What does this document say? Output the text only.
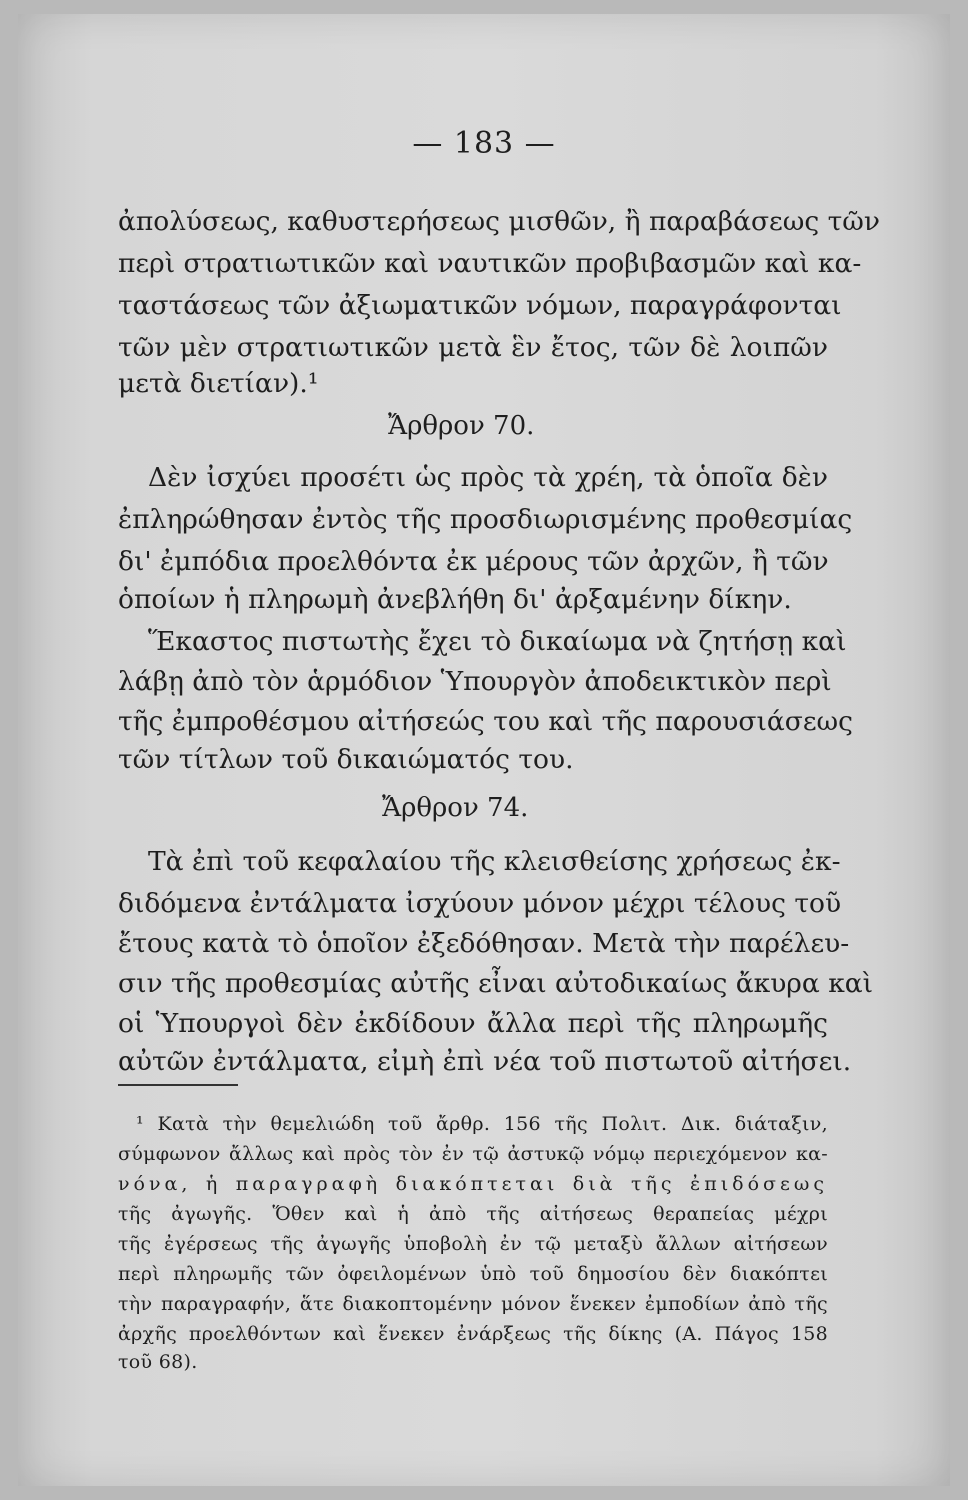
— 183 —
ἀπολύσεως, καθυστερήσεως μισθῶν, ἢ παραβάσεως τῶν
περὶ στρατιωτικῶν καὶ ναυτικῶν προβιβασμῶν καὶ κα-
ταστάσεως τῶν ἀξιωματικῶν νόμων, παραγράφονται
τῶν μὲν στρατιωτικῶν μετὰ ἓν ἔτος, τῶν δὲ λοιπῶν
μετὰ διετίαν).¹
Ἄρθρον 70.
Δὲν ἰσχύει προσέτι ὡς πρὸς τὰ χρέη, τὰ ὁποῖα δὲν
ἐπληρώθησαν ἐντὸς τῆς προσδιωρισμένης προθεσμίας
δι' ἐμπόδια προελθόντα ἐκ μέρους τῶν ἀρχῶν, ἢ τῶν
ὁποίων ἡ πληρωμὴ ἀνεβλήθη δι' ἀρξαμένην δίκην.
Ἕκαστος πιστωτὴς ἔχει τὸ δικαίωμα νὰ ζητήσῃ καὶ
λάβῃ ἀπὸ τὸν ἁρμόδιον Ὑπουργὸν ἀποδεικτικὸν περὶ
τῆς ἐμπροθέσμου αἰτήσεώς του καὶ τῆς παρουσιάσεως
τῶν τίτλων τοῦ δικαιώματός του.
Ἄρθρον 74.
Τὰ ἐπὶ τοῦ κεφαλαίου τῆς κλεισθείσης χρήσεως ἐκ-
διδόμενα ἐντάλματα ἰσχύουν μόνον μέχρι τέλους τοῦ
ἔτους κατὰ τὸ ὁποῖον ἐξεδόθησαν. Μετὰ τὴν παρέλευ-
σιν τῆς προθεσμίας αὐτῆς εἶναι αὐτοδικαίως ἄκυρα καὶ
οἱ Ὑπουργοὶ δὲν ἐκδίδουν ἄλλα περὶ τῆς πληρωμῆς
αὐτῶν ἐντάλματα, εἰμὴ ἐπὶ νέα τοῦ πιστωτοῦ αἰτήσει.
¹ Κατὰ τὴν θεμελιώδη τοῦ ἄρθρ. 156 τῆς Πολιτ. Δικ. διάταξιν,
σύμφωνον ἄλλως καὶ πρὸς τὸν ἐν τῷ ἀστυκῷ νόμῳ περιεχόμενον κα-
νόνα, ἡ παραγραφὴ διακόπτεται διὰ τῆς ἐπιδόσεως
τῆς ἀγωγῆς. Ὅθεν καὶ ἡ ἀπὸ τῆς αἰτήσεως θεραπείας μέχρι
τῆς ἐγέρσεως τῆς ἀγωγῆς ὑποβολὴ ἐν τῷ μεταξὺ ἄλλων αἰτήσεων
περὶ πληρωμῆς τῶν ὀφειλομένων ὑπὸ τοῦ δημοσίου δὲν διακόπτει
τὴν παραγραφήν, ἅτε διακοπτομένην μόνον ἕνεκεν ἐμποδίων ἀπὸ τῆς
ἀρχῆς προελθόντων καὶ ἕνεκεν ἐνάρξεως τῆς δίκης (Α. Πάγος 158
τοῦ 68).
